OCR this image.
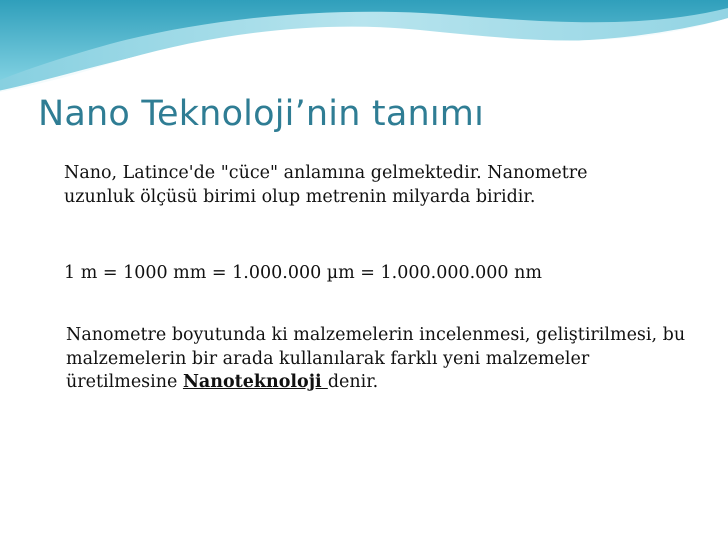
Nano Teknoloji’nin tanımı

Nano, Latince'de "cüce" anlamına gelmektedir. Nanometre uzunluk ölçüsü birimi olup metrenin milyarda biridir.

1 m = 1000 mm = 1.000.000 µm = 1.000.000.000 nm

Nanometre boyutunda ki malzemelerin incelenmesi, geliştirilmesi, bu malzemelerin bir arada kullanılarak farklı yeni malzemeler üretilmesine Nanoteknoloji denir.
